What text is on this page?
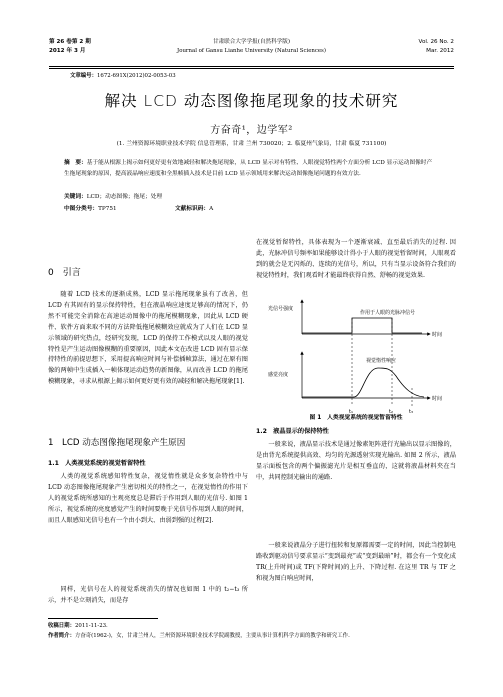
第 26 卷第 2 期
2012 年 3 月
甘肃联合大学学报(自然科学版)
Journal of Gansu Lianhe University (Natural Sciences)
Vol. 26 No. 2
Mar. 2012
文章编号：1672-691X(2012)02-0053-03
解决 LCD 动态图像拖尾现象的技术研究
方奋奇¹，边学军²
(1. 兰州资源环境职业技术学院 信息管理系，甘肃 兰州 730020；2. 临夏州气象局，甘肃 临夏 731100)
摘　要：基于能从根源上揭示如何更好更有效地减轻和解决拖尾现象，从 LCD 显示对有特性、人眼视觉特性两个方面分析 LCD 显示运动图像时产生拖尾现象的原因，提高液晶响应速度和全黑帧插入技术是目前 LCD 显示领域用来解决运动图像拖尾问题的有效方法.
关键词：LCD；动态图像；拖尾；处理
中图分类号：TP751	文献标识码：A
0　引言
随着 LCD 技术的逐渐成熟，LCD 显示拖尾现象虽有了改善，但 LCD 有其固有的显示保持特性，但在液晶响应速度足够高的情况下，仍然不可能完全消除在高速运动图像中的拖尾模糊现象，因此从 LCD 硬件、软件方面来取不同的方法降低拖尾模糊效应就成为了人们在 LCD 显示领域的研究热点，经研究发现，LCD 的保持工作模式以及人眼的视觉特性是产生运动图像模糊的重要原因，因此本文在改进 LCD 固有显示保持特性的前提思想下，采用提高响应时间与补偿插帧算法，通过在原有图像的两帧中生成插入一帧体现运动趋势的新图像，从而改善 LCD 的拖尾模糊现象，寻求从根源上揭示如何更好更有效的减轻和解决拖尾现象[1].
1　LCD 动态图像拖尾现象产生原因
1.1　人类视觉系统的视觉暂留特性
人类的视觉系统感知特性复杂，视觉惰性就是众多复杂特性中与 LCD 动态图像拖尾现象产生密切相关的特性之一，在视觉惰性的作用下人的视觉系统所感知的主观亮度总是滞后于作用到人眼的光信号. 如图 1 所示，视觉系统的亮度感觉产生的时间要晚于光信号作用到人眼的时间，而且人眼感知光信号也有一个由小到大、由弱到强的过程[2].
同样，光信号在人的视觉系统消失的情况也如图 1 中的 t₂−t₃ 所示，并不是立刻消失，而是存
在视觉暂留特性，具体表现为一个逐渐衰减、直至最后消失的过程. 因此，光脉冲信号频率如果能够设计得小于人眼的视觉暂留时间，人眼观看到的就会是无闪烁的、连续的光信号，所以，只有当显示设备符合我们的视觉特性时，我们观看时才能最终获得自然、舒畅的视觉效果.
光信号强度
作用于人眼的光脉冲信号
时间
感觉亮度
视觉惰性响应
时间
t₁	t₂	t₃
图 1　人类视觉系统的视觉暂留特性
1.2　液晶显示的保持特性
一般来说，液晶显示技术是通过像素矩阵进行光输出以显示图像的，是由背光系统提供高效、均匀的光源透射实现光输出. 如图 2 所示，液晶显示面板包含的两个偏振滤光片是相互垂直的，这就将液晶材料夹在当中，共同控制光输出的通路.
一般来说液晶分子进行扭转和复原都需要一定的时间，因此当控制电路收到驱动信号要求显示“变到最亮”或“变到最暗”时，都会有一个变化成 TR(上升时间)或 TF(下降时间)的上升、下降过程. 在这里 TR 与 TF 之和视为图白响应时间，
收稿日期：2011-11-23.
作者简介：方奋奇(1962-)，女，甘肃兰州人，兰州资源环境职业技术学院副教授，主要从事计算机科学方面的教学和研究工作.
